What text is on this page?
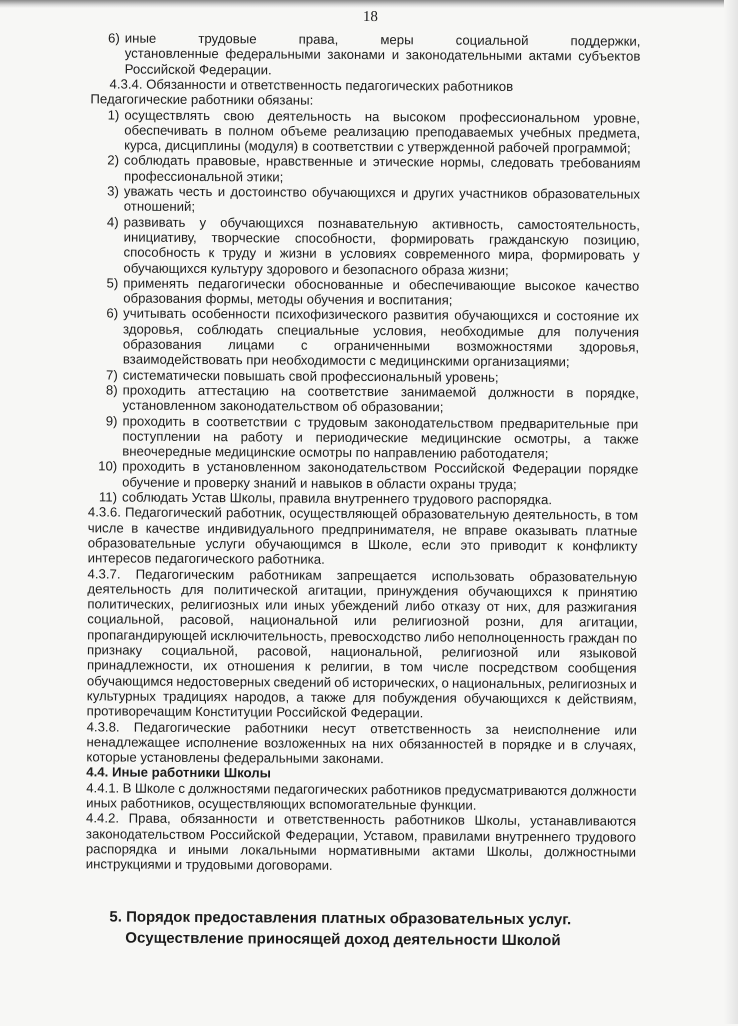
18
5. Порядок предоставления платных образовательных услуг.
Осуществление приносящей доход деятельности Школой
6) иные трудовые права, меры социальной поддержки,
установленные федеральными законами и законодательными актами субъектов
Российской Федерации.
4.3.4. Обязанности и ответственность педагогических работников
Педагогические работники обязаны:
1) осуществлять свою деятельность на высоком профессиональном уровне,
обеспечивать в полном объеме реализацию преподаваемых учебных предмета,
курса, дисциплины (модуля) в соответствии с утвержденной рабочей программой;
2) соблюдать правовые, нравственные и этические нормы, следовать требованиям
профессиональной этики;
3) уважать честь и достоинство обучающихся и других участников образовательных
отношений;
4) развивать у обучающихся познавательную активность, самостоятельность,
инициативу, творческие способности, формировать гражданскую позицию,
способность к труду и жизни в условиях современного мира, формировать у
обучающихся культуру здорового и безопасного образа жизни;
5) применять педагогически обоснованные и обеспечивающие высокое качество
образования формы, методы обучения и воспитания;
6) учитывать особенности психофизического развития обучающихся и состояние их
здоровья, соблюдать специальные условия, необходимые для получения
образования лицами с ограниченными возможностями здоровья,
взаимодействовать при необходимости с медицинскими организациями;
7) систематически повышать свой профессиональный уровень;
8) проходить аттестацию на соответствие занимаемой должности в порядке,
установленном законодательством об образовании;
9) проходить в соответствии с трудовым законодательством предварительные при
поступлении на работу и периодические медицинские осмотры, а также
внеочередные медицинские осмотры по направлению работодателя;
10) проходить в установленном законодательством Российской Федерации порядке
обучение и проверку знаний и навыков в области охраны труда;
11) соблюдать Устав Школы, правила внутреннего трудового распорядка.
4.3.6. Педагогический работник, осуществляющей образовательную деятельность, в том
числе в качестве индивидуального предпринимателя, не вправе оказывать платные
образовательные услуги обучающимся в Школе, если это приводит к конфликту
интересов педагогического работника.
4.3.7. Педагогическим работникам запрещается использовать образовательную
деятельность для политической агитации, принуждения обучающихся к принятию
политических, религиозных или иных убеждений либо отказу от них, для разжигания
социальной, расовой, национальной или религиозной розни, для агитации,
пропагандирующей исключительность, превосходство либо неполноценность граждан по
признаку социальной, расовой, национальной, религиозной или языковой
принадлежности, их отношения к религии, в том числе посредством сообщения
обучающимся недостоверных сведений об исторических, о национальных, религиозных и
культурных традициях народов, а также для побуждения обучающихся к действиям,
противоречащим Конституции Российской Федерации.
4.3.8. Педагогические работники несут ответственность за неисполнение или
ненадлежащее исполнение возложенных на них обязанностей в порядке и в случаях,
которые установлены федеральными законами.
4.4. Иные работники Школы
4.4.1. В Школе с должностями педагогических работников предусматриваются должности
иных работников, осуществляющих вспомогательные функции.
4.4.2. Права, обязанности и ответственность работников Школы, устанавливаются
законодательством Российской Федерации, Уставом, правилами внутреннего трудового
распорядка и иными локальными нормативными актами Школы, должностными
инструкциями и трудовыми договорами.
